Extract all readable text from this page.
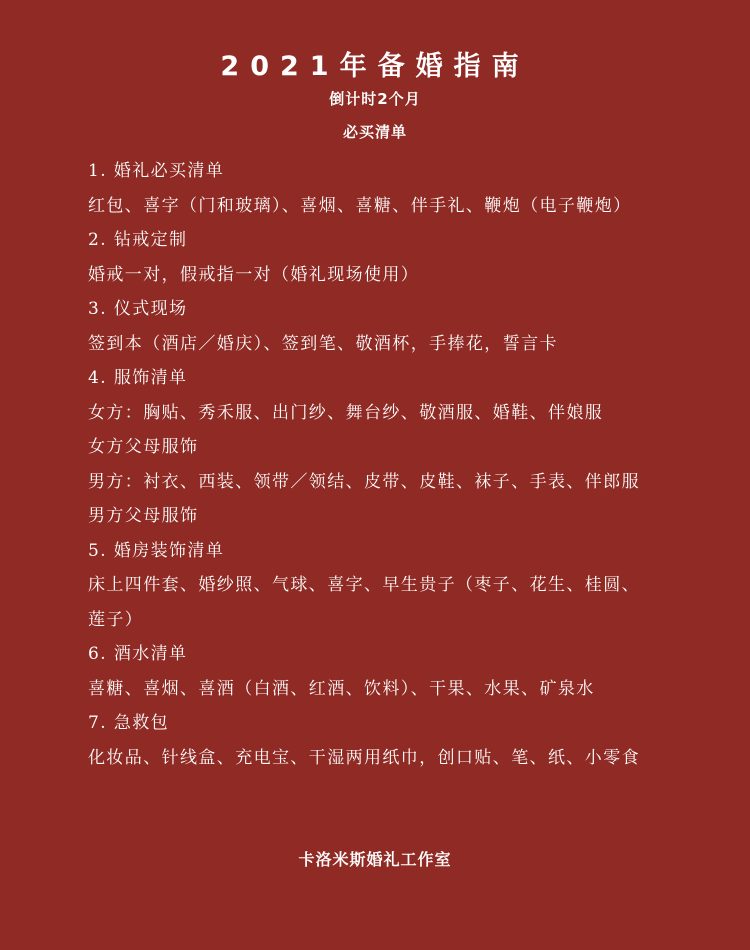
2021年备婚指南
倒计时2个月
必买清单
1. 婚礼必买清单
红包、喜字（门和玻璃）、喜烟、喜糖、伴手礼、鞭炮（电子鞭炮）
2. 钻戒定制
婚戒一对，假戒指一对（婚礼现场使用）
3. 仪式现场
签到本（酒店／婚庆）、签到笔、敬酒杯，手捧花，誓言卡
4. 服饰清单
女方：胸贴、秀禾服、出门纱、舞台纱、敬酒服、婚鞋、伴娘服
女方父母服饰
男方：衬衣、西装、领带／领结、皮带、皮鞋、袜子、手表、伴郎服
男方父母服饰
5. 婚房装饰清单
床上四件套、婚纱照、气球、喜字、早生贵子（枣子、花生、桂圆、
莲子）
6. 酒水清单
喜糖、喜烟、喜酒（白酒、红酒、饮料）、干果、水果、矿泉水
7. 急救包
化妆品、针线盒、充电宝、干湿两用纸巾，创口贴、笔、纸、小零食
卡洛米斯婚礼工作室
